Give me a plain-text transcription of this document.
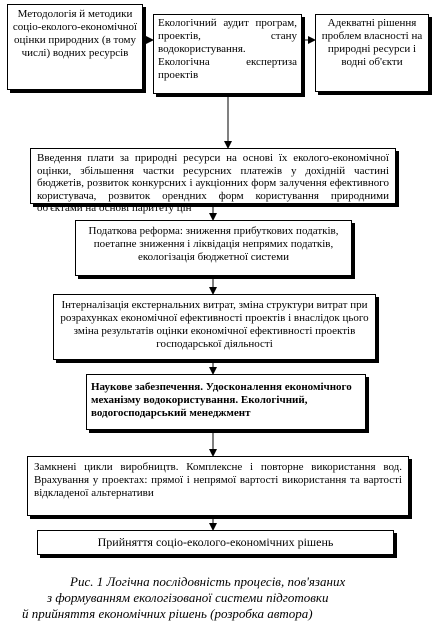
Методологія й методики соціо-еколого-економічної оцінки природних (в тому числі) водних ресурсів
Екологічний аудит програм, проектів, стану водокористування. Екологічна експертиза проектів
Адекватні рішення проблем власності на природні ресурси і водні об'єкти
Введення плати за природні ресурси на основі їх еколого-економічної оцінки, збільшення частки ресурсних платежів у дохідній частині бюджетів, розвиток конкурсних і аукціонних форм залучення ефективного користувача, розвиток орендних форм користування природними об'єктами на основі паритету цін
Податкова реформа: зниження прибуткових податків, поетапне зниження і ліквідація непрямих податків, екологізація бюджетної системи
Інтерналізація екстернальних витрат, зміна структури витрат при розрахунках економічної ефективності проектів і внаслідок цього зміна результатів оцінки економічної ефективності проектів господарської діяльності
Наукове забезпечення. Удосконалення економічного механізму водокористування. Екологічний, водогосподарський менеджмент
Замкнені цикли виробництв. Комплексне і повторне використання вод. Врахування у проектах: прямої і непрямої вартості використання та вартості відкладеної альтернативи
Прийняття соціо-еколого-економічних рішень
Рис. 1 Логічна послідовність процесів, пов'язаних
з формуванням екологізованої системи підготовки
й прийняття економічних рішень (розробка автора)
